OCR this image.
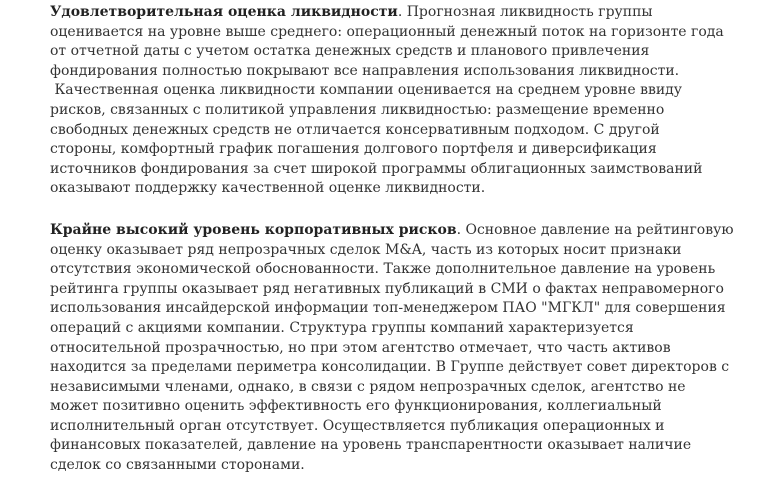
Удовлетворительная оценка ликвидности. Прогнозная ликвидность группы
оценивается на уровне выше среднего: операционный денежный поток на горизонте года
от отчетной даты с учетом остатка денежных средств и планового привлечения
фондирования полностью покрывают все направления использования ликвидности.
Качественная оценка ликвидности компании оценивается на среднем уровне ввиду
рисков, связанных с политикой управления ликвидностью: размещение временно
свободных денежных средств не отличается консервативным подходом. С другой
стороны, комфортный график погашения долгового портфеля и диверсификация
источников фондирования за счет широкой программы облигационных заимствований
оказывают поддержку качественной оценке ликвидности.

Крайне высокий уровень корпоративных рисков. Основное давление на рейтинговую
оценку оказывает ряд непрозрачных сделок M&A, часть из которых носит признаки
отсутствия экономической обоснованности. Также дополнительное давление на уровень
рейтинга группы оказывает ряд негативных публикаций в СМИ о фактах неправомерного
использования инсайдерской информации топ-менеджером ПАО "МГКЛ" для совершения
операций с акциями компании. Структура группы компаний характеризуется
относительной прозрачностью, но при этом агентство отмечает, что часть активов
находится за пределами периметра консолидации. В Группе действует совет директоров с
независимыми членами, однако, в связи с рядом непрозрачных сделок, агентство не
может позитивно оценить эффективность его функционирования, коллегиальный
исполнительный орган отсутствует. Осуществляется публикация операционных и
финансовых показателей, давление на уровень транспарентности оказывает наличие
сделок со связанными сторонами.
